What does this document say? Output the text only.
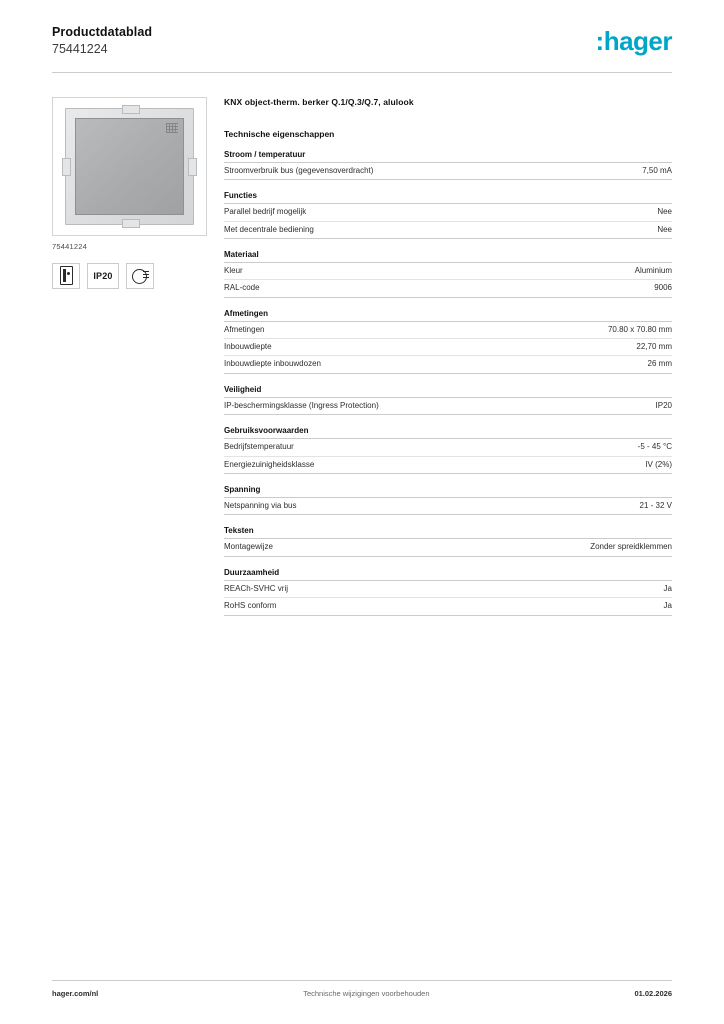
Productdatablad
75441224	:hager
75441224
IP20
KNX object-therm. berker Q.1/Q.3/Q.7, alulook
Technische eigenschappen
Stroom / temperatuur
Stroomverbruik bus (gegevensoverdracht)	7,50 mA
Functies
Parallel bedrijf mogelijk	Nee
Met decentrale bediening	Nee
Materiaal
Kleur	Aluminium
RAL-code	9006
Afmetingen
Afmetingen	70.80 x 70.80 mm
Inbouwdiepte	22,70 mm
Inbouwdiepte inbouwdozen	26 mm
Veiligheid
IP-beschermingsklasse (Ingress Protection)	IP20
Gebruiksvoorwaarden
Bedrijfstemperatuur	-5 - 45 °C
Energiezuinigheidsklasse	IV (2%)
Spanning
Netspanning via bus	21 - 32 V
Teksten
Montagewijze	Zonder spreidklemmen
Duurzaamheid
REACh-SVHC vrij	Ja
RoHS conform	Ja
hager.com/nl	Technische wijzigingen voorbehouden	01.02.2026
